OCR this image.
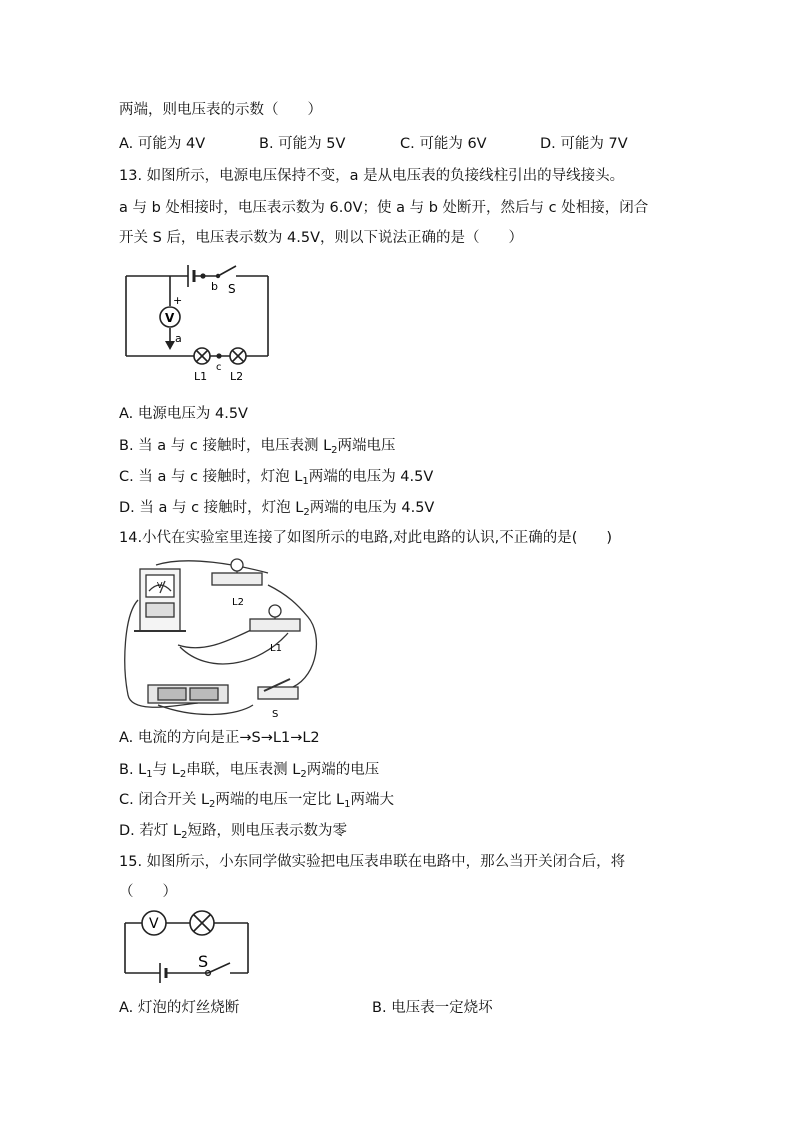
两端，则电压表的示数（　　）
A. 可能为 4V	B. 可能为 5V	C. 可能为 6V	D. 可能为 7V
13. 如图所示，电源电压保持不变，a 是从电压表的负接线柱引出的导线接头。
a 与 b 处相接时，电压表示数为 6.0V；使 a 与 b 处断开，然后与 c 处相接，闭合
开关 S 后，电压表示数为 4.5V，则以下说法正确的是（　　）
V
+
a
b S
c
L1 L2
A. 电源电压为 4.5V
B. 当 a 与 c 接触时，电压表测 $L_2$两端电压
C. 当 a 与 c 接触时，灯泡 $L_1$两端的电压为 4.5V
D. 当 a 与 c 接触时，灯泡 $L_2$两端的电压为 4.5V
14.小代在实验室里连接了如图所示的电路,对此电路的认识,不正确的是(　　)
L2
L1
S
V
A. 电流的方向是正→S→L1→L2
B. $L_1$与 $L_2$串联，电压表测 $L_2$两端的电压
C. 闭合开关 $L_2$两端的电压一定比 $L_1$两端大
D. 若灯 $L_2$短路，则电压表示数为零
15. 如图所示，小东同学做实验把电压表串联在电路中，那么当开关闭合后，将
（　　）
V
S
A. 灯泡的灯丝烧断	B. 电压表一定烧坏
